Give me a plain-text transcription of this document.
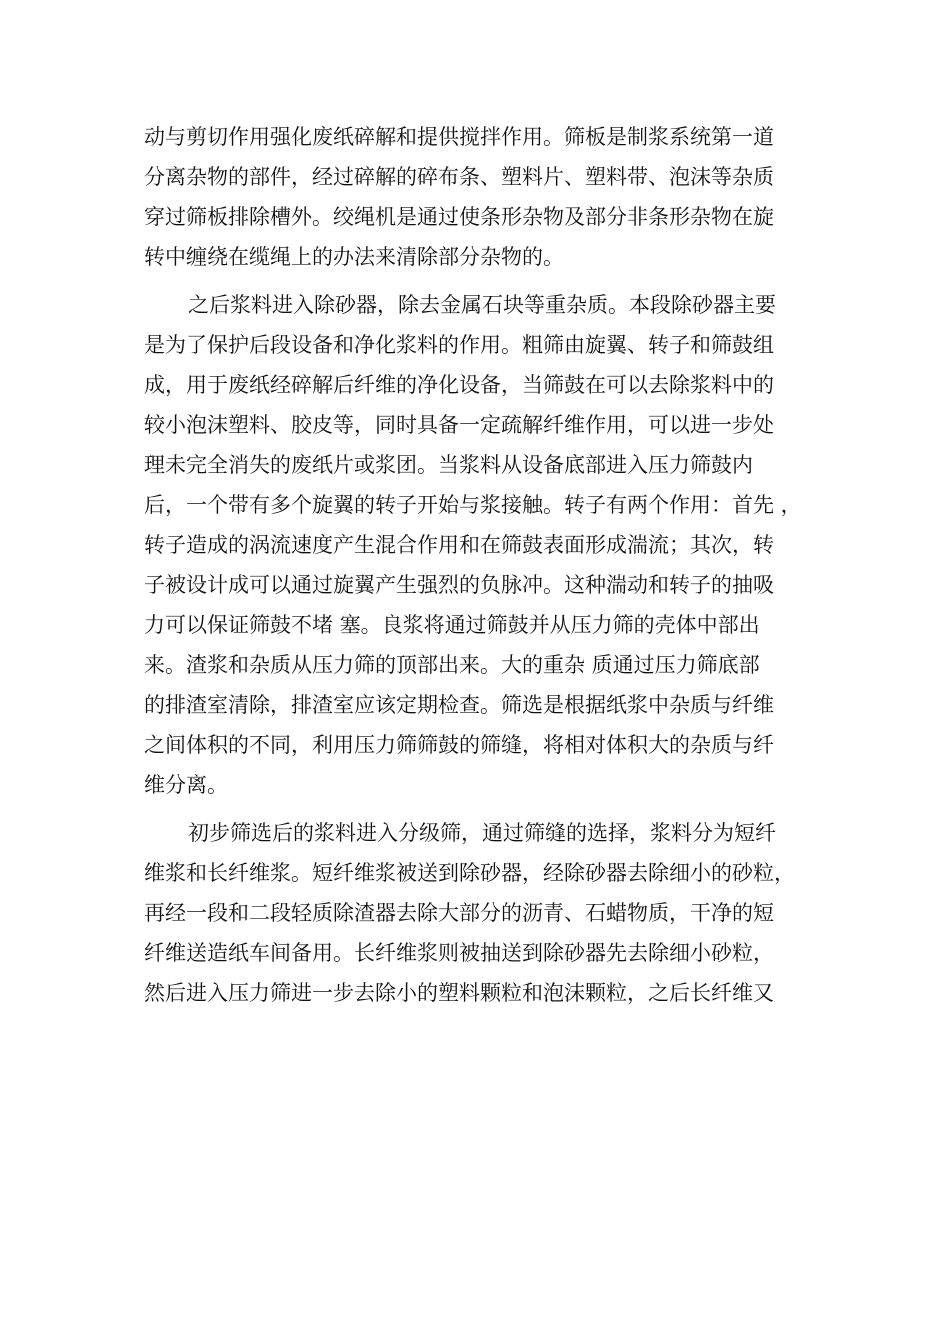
动与剪切作用强化废纸碎解和提供搅拌作用。筛板是制浆系统第一道
分离杂物的部件，经过碎解的碎布条、塑料片、塑料带、泡沫等杂质
穿过筛板排除槽外。绞绳机是通过使条形杂物及部分非条形杂物在旋
转中缠绕在缆绳上的办法来清除部分杂物的。
之后浆料进入除砂器，除去金属石块等重杂质。本段除砂器主要
是为了保护后段设备和净化浆料的作用。粗筛由旋翼、转子和筛鼓组
成，用于废纸经碎解后纤维的净化设备，当筛鼓在可以去除浆料中的
较小泡沫塑料、胶皮等，同时具备一定疏解纤维作用，可以进一步处
理未完全消失的废纸片或浆团。当浆料从设备底部进入压力筛鼓内
后，一个带有多个旋翼的转子开始与浆接触。转子有两个作用：首先 ，
转子造成的涡流速度产生混合作用和在筛鼓表面形成湍流；其次，转
子被设计成可以通过旋翼产生强烈的负脉冲。这种湍动和转子的抽吸
力可以保证筛鼓不堵 塞。良浆将通过筛鼓并从压力筛的壳体中部出
来。渣浆和杂质从压力筛的顶部出来。大的重杂 质通过压力筛底部
的排渣室清除，排渣室应该定期检查。筛选是根据纸浆中杂质与纤维
之间体积的不同，利用压力筛筛鼓的筛缝，将相对体积大的杂质与纤
维分离。
初步筛选后的浆料进入分级筛，通过筛缝的选择，浆料分为短纤
维浆和长纤维浆。短纤维浆被送到除砂器，经除砂器去除细小的砂粒，
再经一段和二段轻质除渣器去除大部分的沥青、石蜡物质，干净的短
纤维送造纸车间备用。长纤维浆则被抽送到除砂器先去除细小砂粒，
然后进入压力筛进一步去除小的塑料颗粒和泡沫颗粒，之后长纤维又
